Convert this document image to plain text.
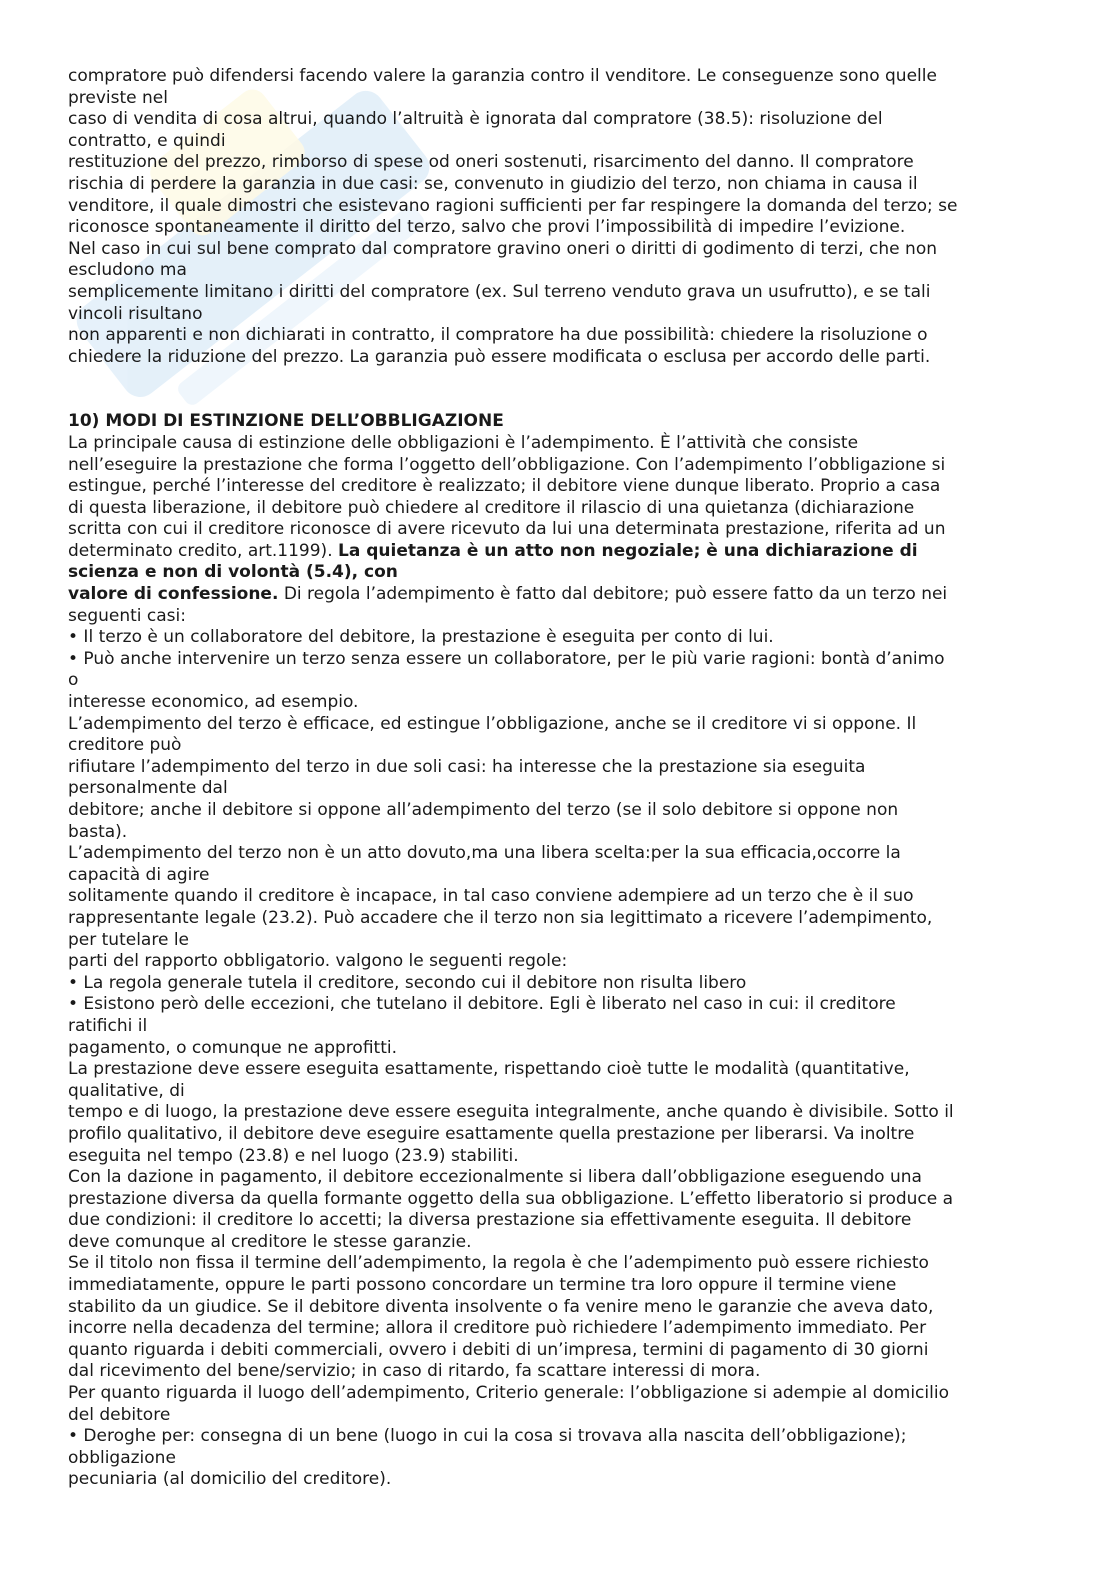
compratore può difendersi facendo valere la garanzia contro il venditore. Le conseguenze sono quelle
previste nel
caso di vendita di cosa altrui, quando l’altruità è ignorata dal compratore (38.5): risoluzione del
contratto, e quindi
restituzione del prezzo, rimborso di spese od oneri sostenuti, risarcimento del danno. Il compratore
rischia di perdere la garanzia in due casi: se, convenuto in giudizio del terzo, non chiama in causa il
venditore, il quale dimostri che esistevano ragioni sufficienti per far respingere la domanda del terzo; se
riconosce spontaneamente il diritto del terzo, salvo che provi l’impossibilità di impedire l’evizione.
Nel caso in cui sul bene comprato dal compratore gravino oneri o diritti di godimento di terzi, che non
escludono ma
semplicemente limitano i diritti del compratore (ex. Sul terreno venduto grava un usufrutto), e se tali
vincoli risultano
non apparenti e non dichiarati in contratto, il compratore ha due possibilità: chiedere la risoluzione o
chiedere la riduzione del prezzo. La garanzia può essere modificata o esclusa per accordo delle parti.
10) MODI DI ESTINZIONE DELL’OBBLIGAZIONE
La principale causa di estinzione delle obbligazioni è l’adempimento. È l’attività che consiste
nell’eseguire la prestazione che forma l’oggetto dell’obbligazione. Con l’adempimento l’obbligazione si
estingue, perché l’interesse del creditore è realizzato; il debitore viene dunque liberato. Proprio a casa
di questa liberazione, il debitore può chiedere al creditore il rilascio di una quietanza (dichiarazione
scritta con cui il creditore riconosce di avere ricevuto da lui una determinata prestazione, riferita ad un
determinato credito, art.1199). La quietanza è un atto non negoziale; è una dichiarazione di
scienza e non di volontà (5.4), con
valore di confessione. Di regola l’adempimento è fatto dal debitore; può essere fatto da un terzo nei
seguenti casi:
• Il terzo è un collaboratore del debitore, la prestazione è eseguita per conto di lui.
• Può anche intervenire un terzo senza essere un collaboratore, per le più varie ragioni: bontà d’animo
o
interesse economico, ad esempio.
L’adempimento del terzo è efficace, ed estingue l’obbligazione, anche se il creditore vi si oppone. Il
creditore può
rifiutare l’adempimento del terzo in due soli casi: ha interesse che la prestazione sia eseguita
personalmente dal
debitore; anche il debitore si oppone all’adempimento del terzo (se il solo debitore si oppone non
basta).
L’adempimento del terzo non è un atto dovuto,ma una libera scelta:per la sua efficacia,occorre la
capacità di agire
solitamente quando il creditore è incapace, in tal caso conviene adempiere ad un terzo che è il suo
rappresentante legale (23.2). Può accadere che il terzo non sia legittimato a ricevere l’adempimento,
per tutelare le
parti del rapporto obbligatorio. valgono le seguenti regole:
• La regola generale tutela il creditore, secondo cui il debitore non risulta libero
• Esistono però delle eccezioni, che tutelano il debitore. Egli è liberato nel caso in cui: il creditore
ratifichi il
pagamento, o comunque ne approfitti.
La prestazione deve essere eseguita esattamente, rispettando cioè tutte le modalità (quantitative,
qualitative, di
tempo e di luogo, la prestazione deve essere eseguita integralmente, anche quando è divisibile. Sotto il
profilo qualitativo, il debitore deve eseguire esattamente quella prestazione per liberarsi. Va inoltre
eseguita nel tempo (23.8) e nel luogo (23.9) stabiliti.
Con la dazione in pagamento, il debitore eccezionalmente si libera dall’obbligazione eseguendo una
prestazione diversa da quella formante oggetto della sua obbligazione. L’effetto liberatorio si produce a
due condizioni: il creditore lo accetti; la diversa prestazione sia effettivamente eseguita. Il debitore
deve comunque al creditore le stesse garanzie.
Se il titolo non fissa il termine dell’adempimento, la regola è che l’adempimento può essere richiesto
immediatamente, oppure le parti possono concordare un termine tra loro oppure il termine viene
stabilito da un giudice. Se il debitore diventa insolvente o fa venire meno le garanzie che aveva dato,
incorre nella decadenza del termine; allora il creditore può richiedere l’adempimento immediato. Per
quanto riguarda i debiti commerciali, ovvero i debiti di un’impresa, termini di pagamento di 30 giorni
dal ricevimento del bene/servizio; in caso di ritardo, fa scattare interessi di mora.
Per quanto riguarda il luogo dell’adempimento, Criterio generale: l’obbligazione si adempie al domicilio
del debitore
• Deroghe per: consegna di un bene (luogo in cui la cosa si trovava alla nascita dell’obbligazione);
obbligazione
pecuniaria (al domicilio del creditore).
